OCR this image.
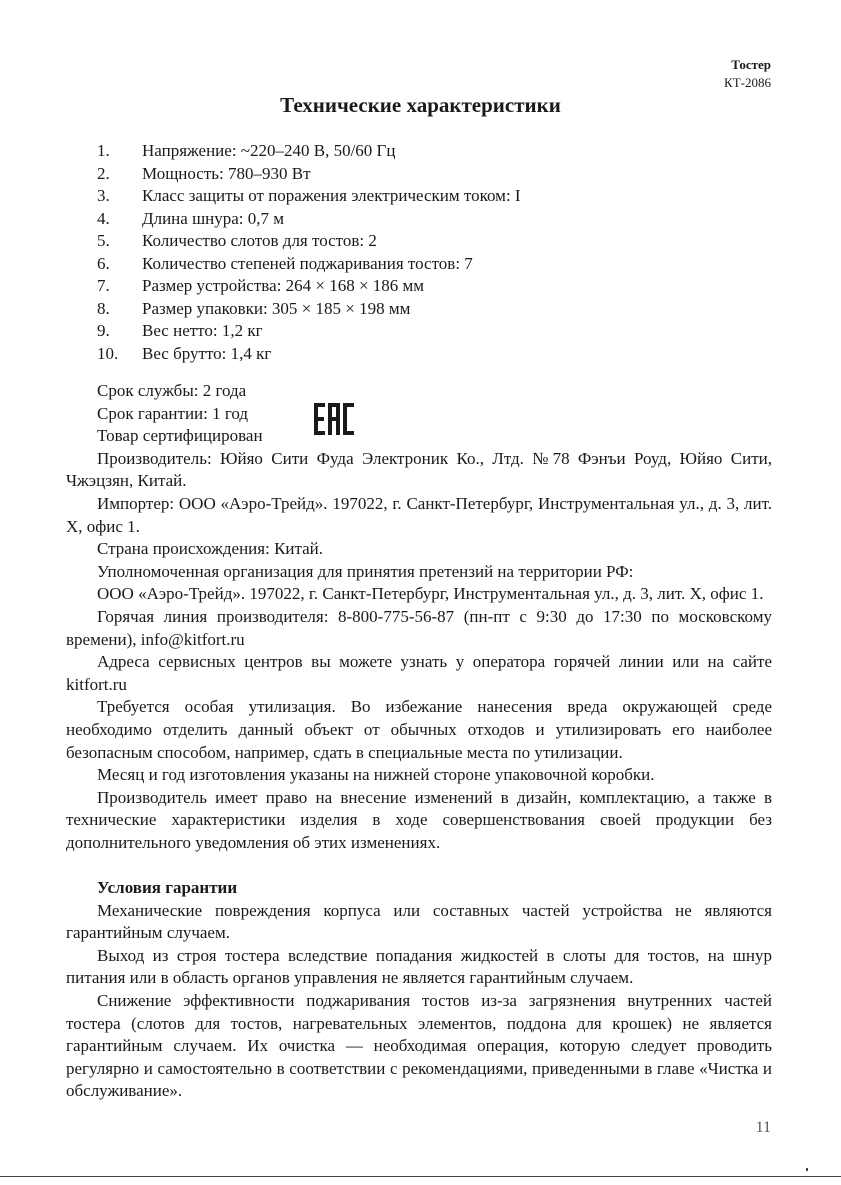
Тостер
КТ-2086
Технические характеристики
1. Напряжение: ~220–240 В, 50/60 Гц
2. Мощность: 780–930 Вт
3. Класс защиты от поражения электрическим током: I
4. Длина шнура: 0,7 м
5. Количество слотов для тостов: 2
6. Количество степеней поджаривания тостов: 7
7. Размер устройства: 264 × 168 × 186 мм
8. Размер упаковки: 305 × 185 × 198 мм
9. Вес нетто: 1,2 кг
10. Вес брутто: 1,4 кг

Срок службы: 2 года

Срок гарантии: 1 год

Товар сертифицирован

Производитель: Юйяо Сити Фуда Электроник Ко., Лтд. №78 Фэнъи Роуд, Юйяо Сити, Чжэцзян, Китай.

Импортер: ООО «Аэро-Трейд». 197022, г. Санкт-Петербург, Инструментальная ул., д. 3, лит. Х, офис 1.

Страна происхождения: Китай.

Уполномоченная организация для принятия претензий на территории РФ:

ООО «Аэро-Трейд». 197022, г. Санкт-Петербург, Инструментальная ул., д. 3, лит. Х, офис 1.

Горячая линия производителя: 8-800-775-56-87 (пн-пт с 9:30 до 17:30 по московскому времени), info@kitfort.ru

Адреса сервисных центров вы можете узнать у оператора горячей линии или на сайте kitfort.ru

Требуется особая утилизация. Во избежание нанесения вреда окружающей среде необходимо отделить данный объект от обычных отходов и утилизировать его наиболее безопасным способом, например, сдать в специальные места по утилизации.

Месяц и год изготовления указаны на нижней стороне упаковочной коробки.

Производитель имеет право на внесение изменений в дизайн, комплектацию, а также в технические характеристики изделия в ходе совершенствования своей продукции без дополнительного уведомления об этих изменениях.

Условия гарантии

Механические повреждения корпуса или составных частей устройства не являются гарантийным случаем.

Выход из строя тостера вследствие попадания жидкостей в слоты для тостов, на шнур питания или в область органов управления не является гарантийным случаем.

Снижение эффективности поджаривания тостов из-за загрязнения внутренних частей тостера (слотов для тостов, нагревательных элементов, поддона для крошек) не является гарантийным случаем. Их очистка — необходимая операция, которую следует проводить регулярно и самостоятельно в соответствии с рекомендациями, приведенными в главе «Чистка и обслуживание».

11
